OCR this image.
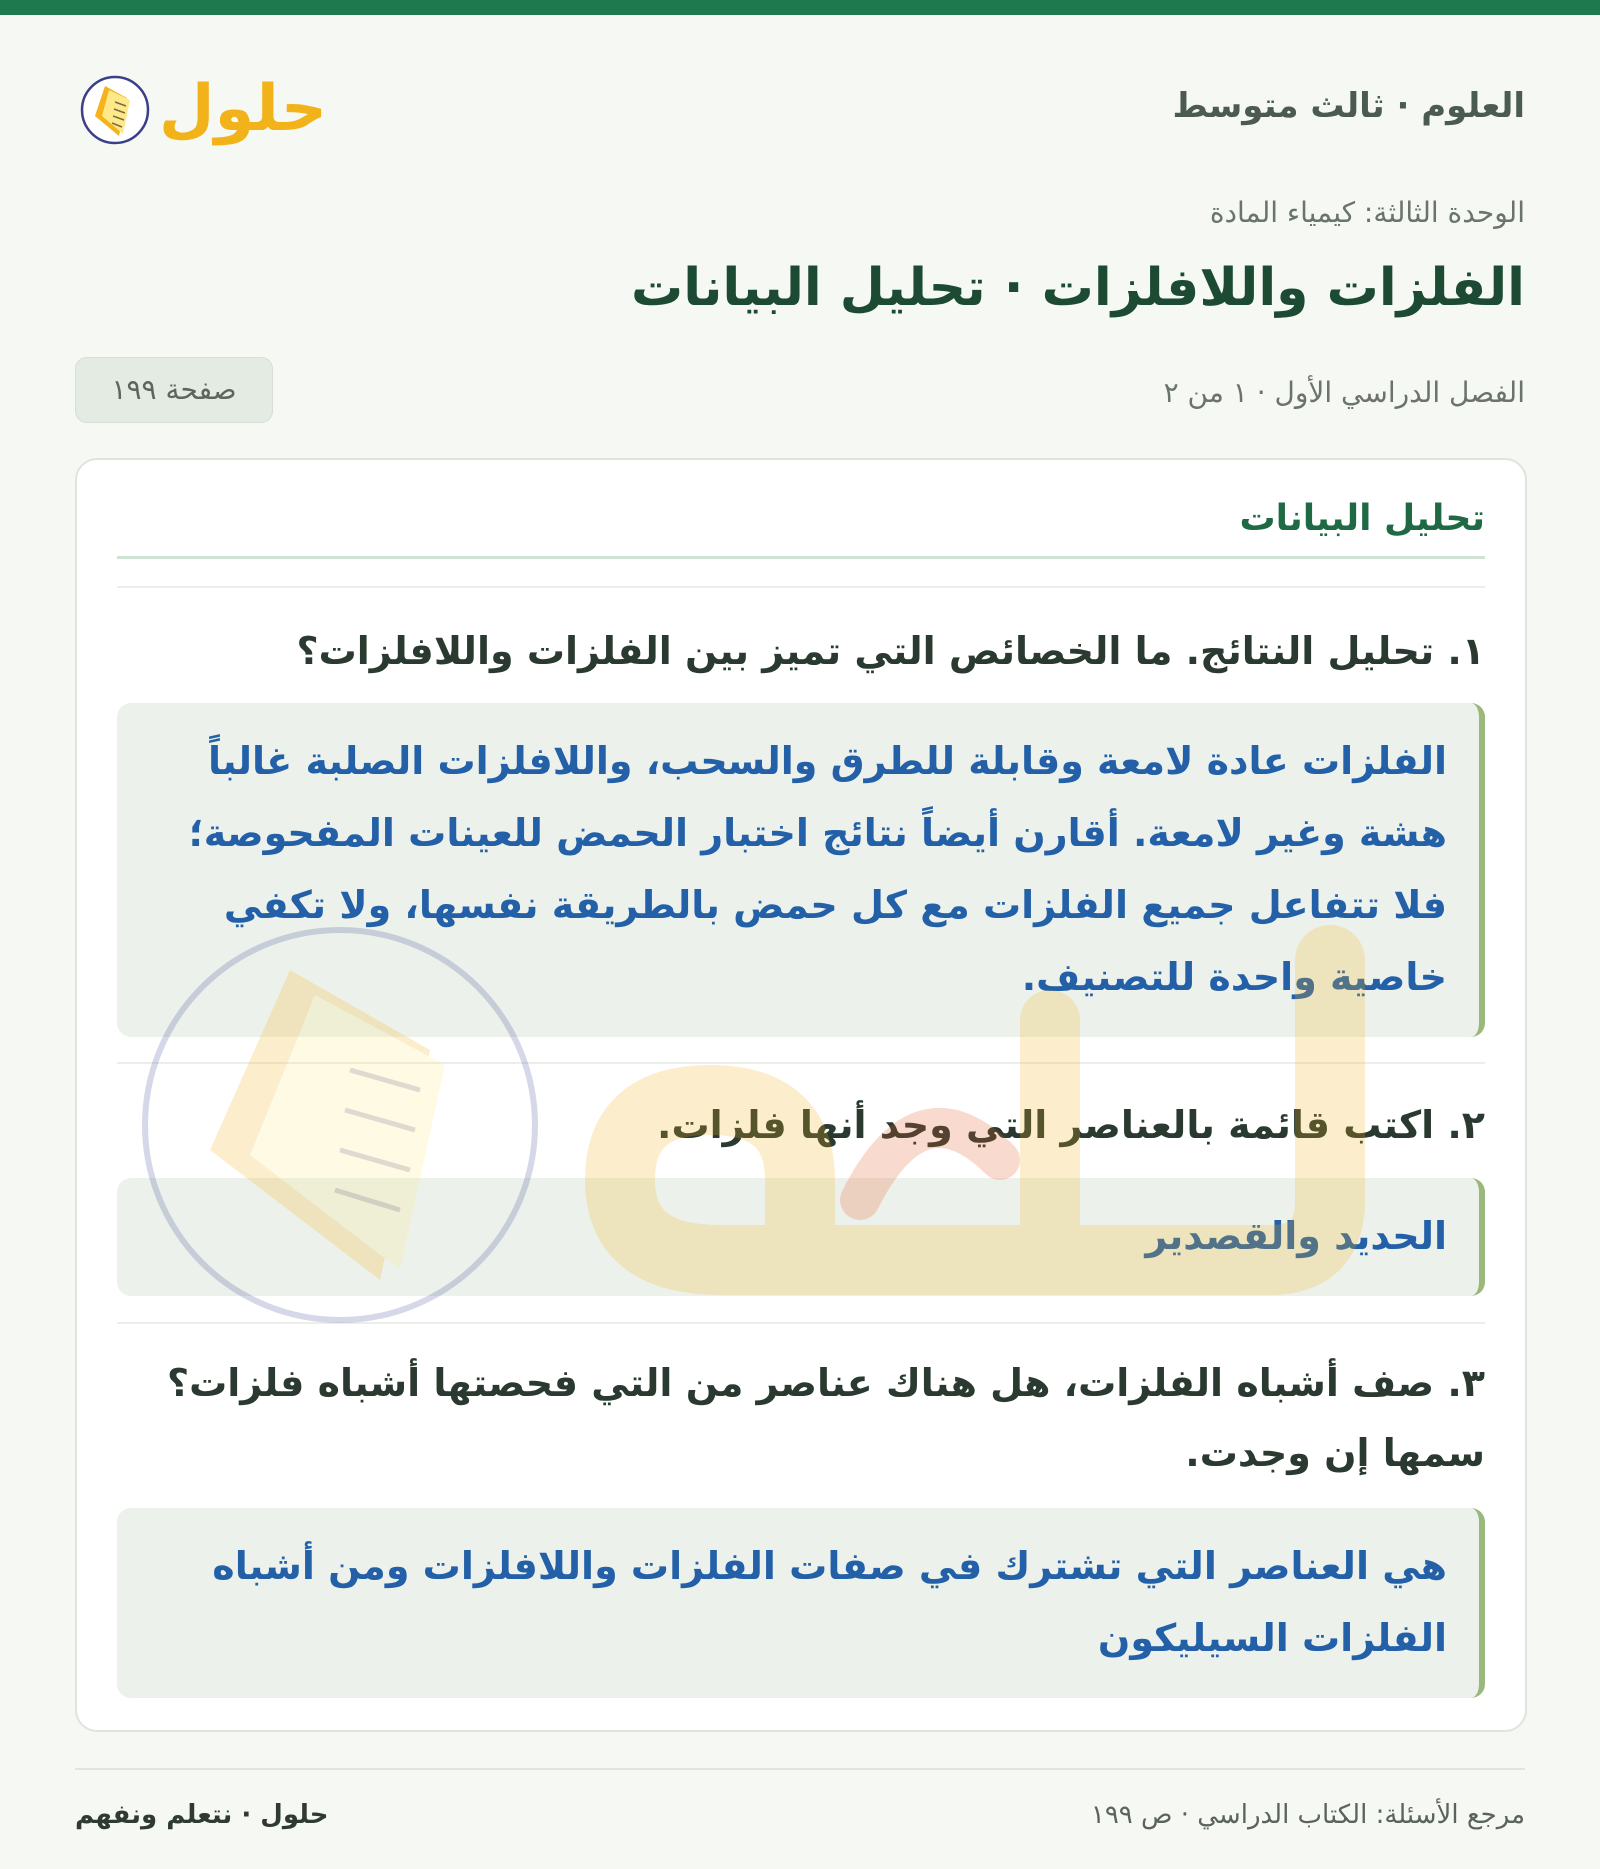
العلوم · ثالث متوسط
حلول
الوحدة الثالثة: كيمياء المادة
الفلزات واللافلزات · تحليل البيانات
الفصل الدراسي الأول · ١ من ٢
صفحة ١٩٩
تحليل البيانات
١. تحليل النتائج. ما الخصائص التي تميز بين الفلزات واللافلزات؟
الفلزات عادة لامعة وقابلة للطرق والسحب، واللافلزات الصلبة غالباً هشة وغير لامعة. أقارن أيضاً نتائج اختبار الحمض للعينات المفحوصة؛ فلا تتفاعل جميع الفلزات مع كل حمض بالطريقة نفسها، ولا تكفي خاصية واحدة للتصنيف.
٢. اكتب قائمة بالعناصر التي وجد أنها فلزات.
الحديد والقصدير
٣. صف أشباه الفلزات، هل هناك عناصر من التي فحصتها أشباه فلزات؟ سمها إن وجدت.
هي العناصر التي تشترك في صفات الفلزات واللافلزات ومن أشباه الفلزات السيليكون
مرجع الأسئلة: الكتاب الدراسي · ص ١٩٩
حلول · نتعلم ونفهم
